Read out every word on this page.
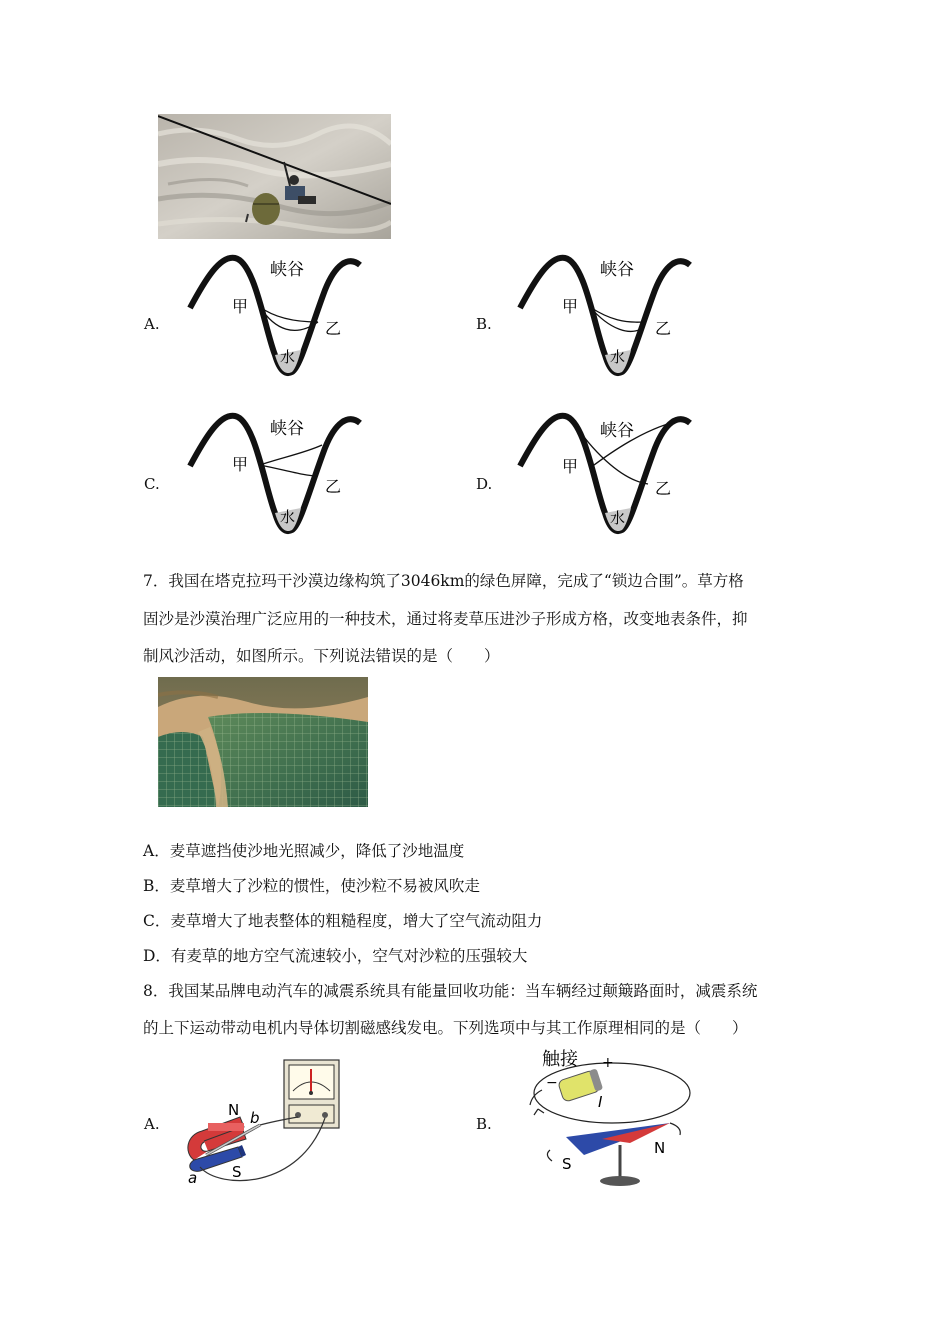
A.
峡谷
甲
乙
水
B.
峡谷
甲
乙
水
C.
峡谷
甲
乙
水
D.
峡谷
甲
乙
水
7．我国在塔克拉玛干沙漠边缘构筑了3046km的绿色屏障，完成了“锁边合围”。草方格
固沙是沙漠治理广泛应用的一种技术，通过将麦草压进沙子形成方格，改变地表条件，抑
制风沙活动，如图所示。下列说法错误的是（　　）
A．麦草遮挡使沙地光照减少，降低了沙地温度
B．麦草增大了沙粒的惯性，使沙粒不易被风吹走
C．麦草增大了地表整体的粗糙程度，增大了空气流动阻力
D．有麦草的地方空气流速较小，空气对沙粒的压强较大
8．我国某品牌电动汽车的减震系统具有能量回收功能：当车辆经过颠簸路面时，减震系统
的上下运动带动电机内导体切割磁感线发电。下列选项中与其工作原理相同的是（　　）
A.
N
S
a
b	B.
触接 +
−
I
N
S
